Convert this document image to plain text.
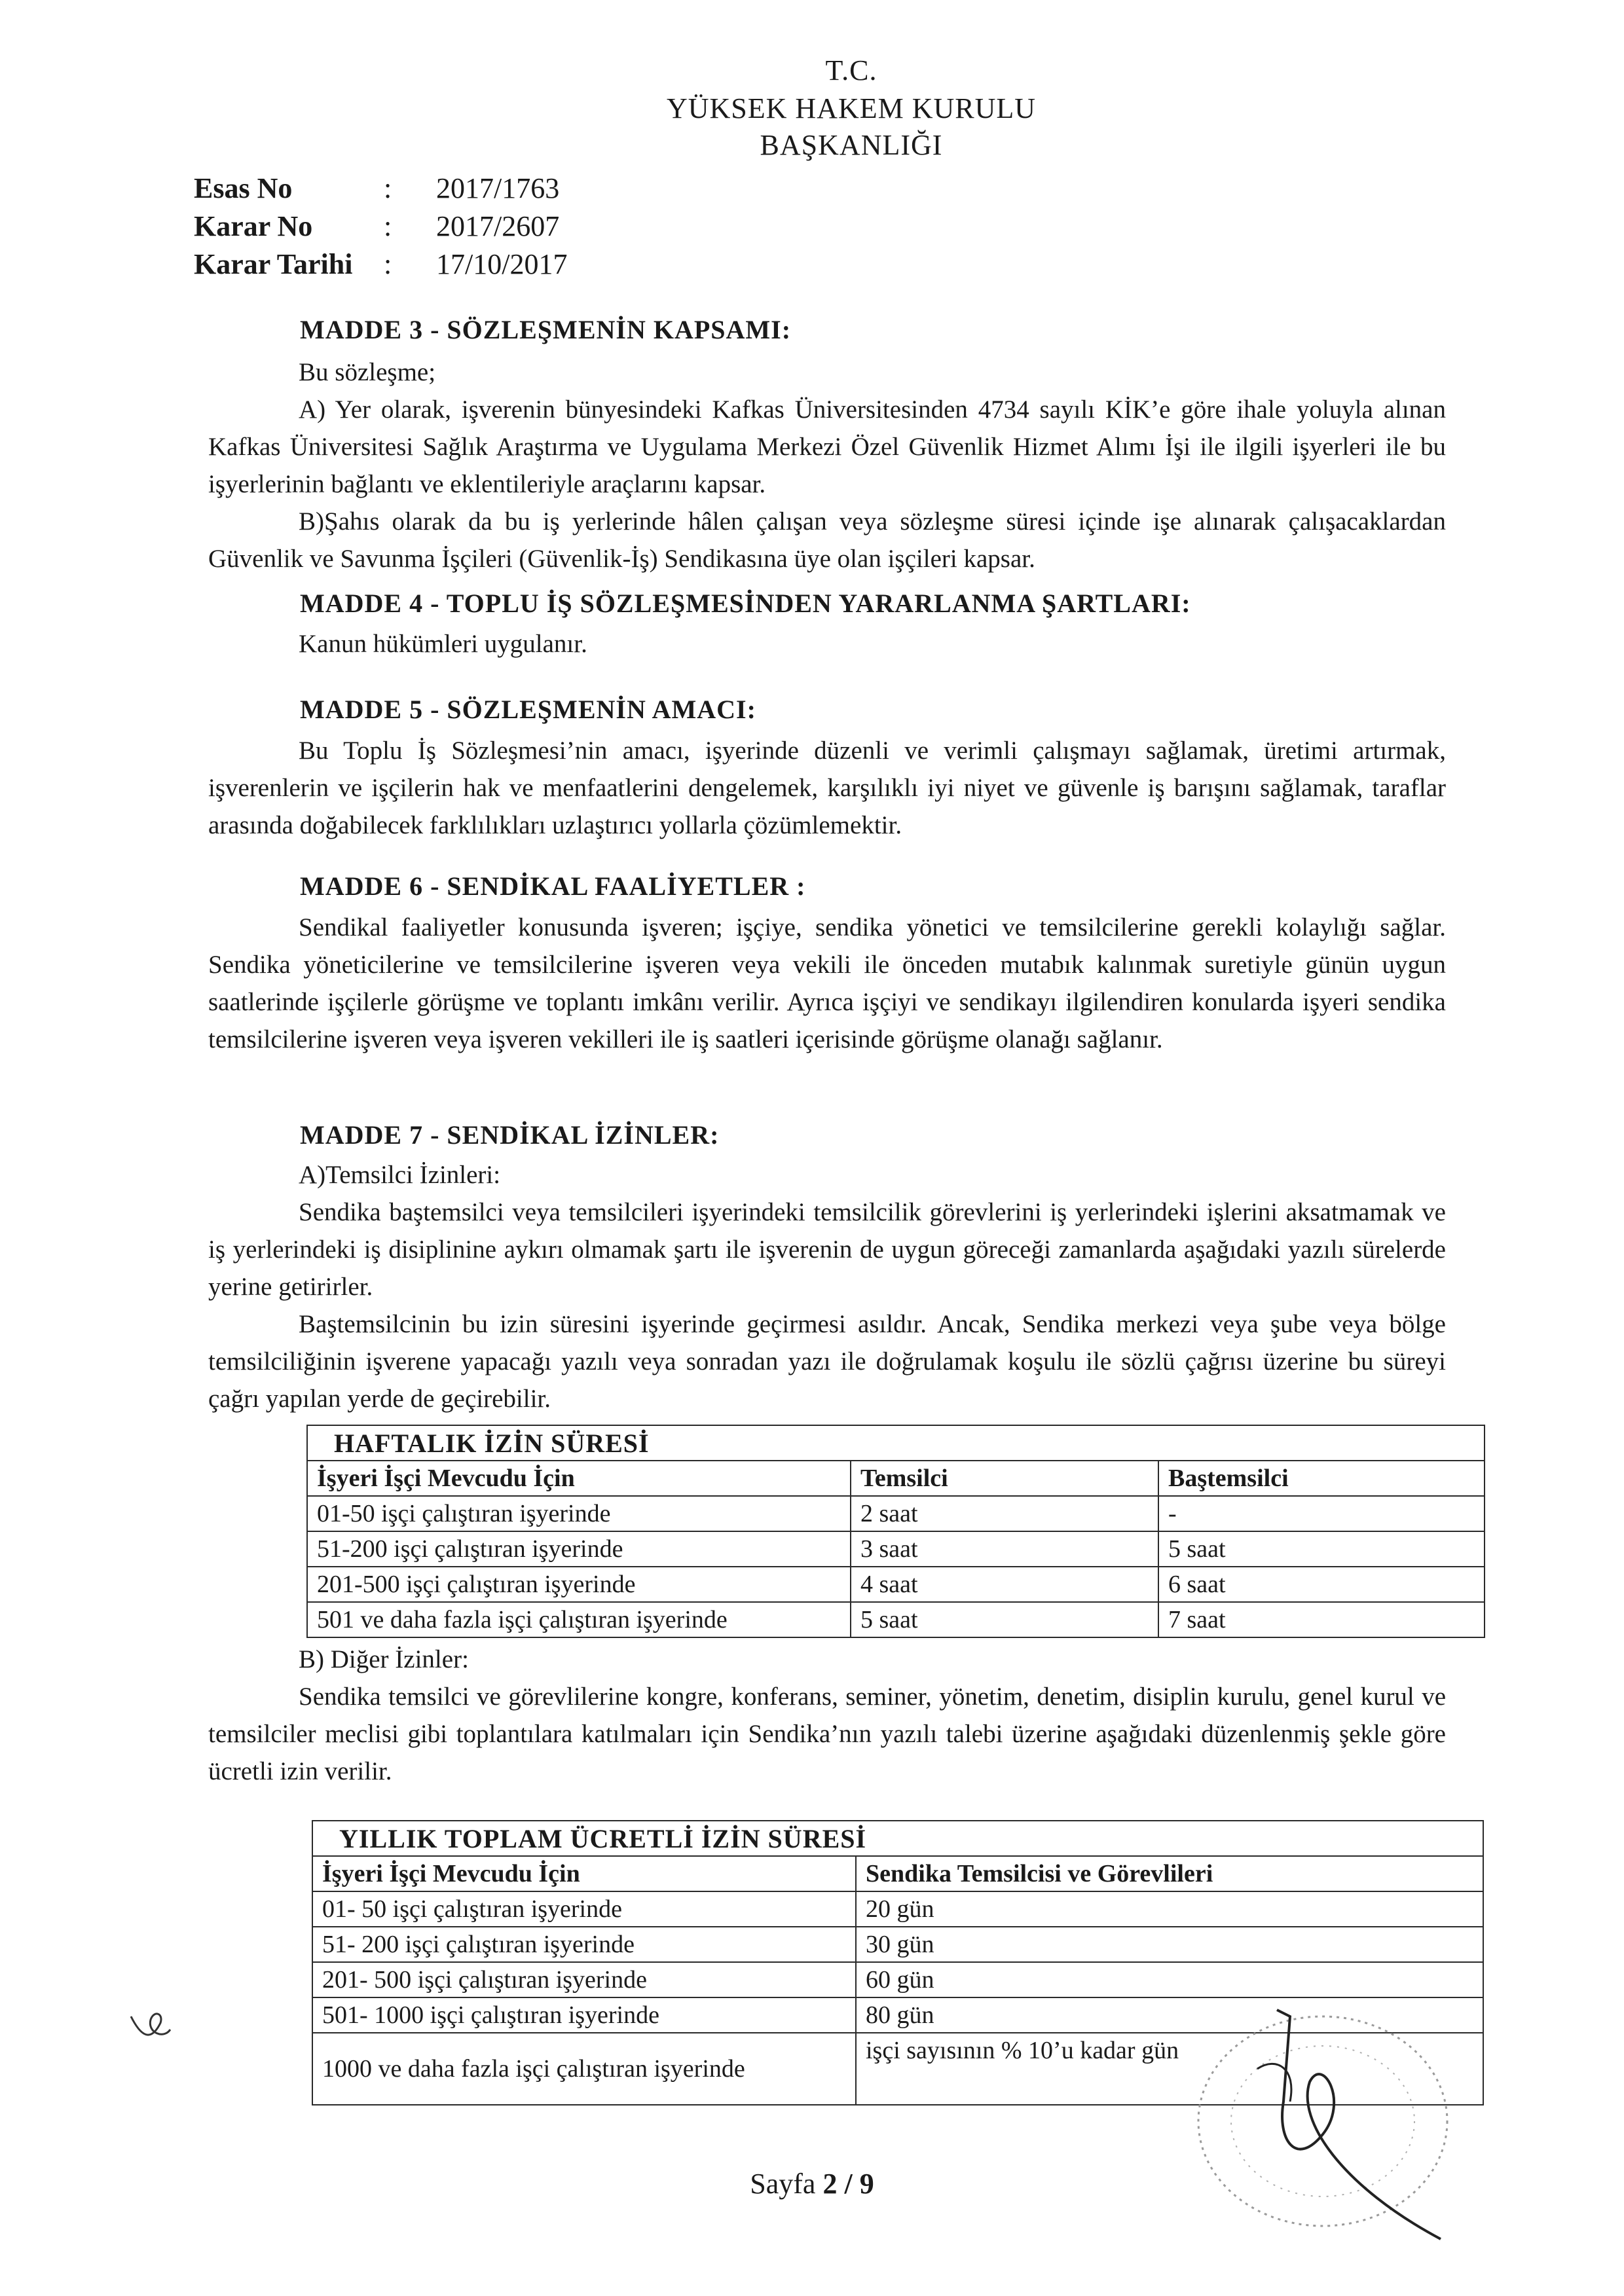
T.C.
YÜKSEK HAKEM KURULU
BAŞKANLIĞI
Esas No	:	2017/1763
Karar No	:	2017/2607
Karar Tarihi	:	17/10/2017
MADDE 3 - SÖZLEŞMENİN KAPSAMI:
Bu sözleşme;
A) Yer olarak, işverenin bünyesindeki Kafkas Üniversitesinden 4734 sayılı KİK’e göre ihale yoluyla alınan Kafkas Üniversitesi Sağlık Araştırma ve Uygulama Merkezi Özel Güvenlik Hizmet Alımı İşi ile ilgili işyerleri ile bu işyerlerinin bağlantı ve eklentileriyle araçlarını kapsar.
B)Şahıs olarak da bu iş yerlerinde hâlen çalışan veya sözleşme süresi içinde işe alınarak çalışacaklardan Güvenlik ve Savunma İşçileri (Güvenlik-İş) Sendikasına üye olan işçileri kapsar.
MADDE 4 - TOPLU İŞ SÖZLEŞMESİNDEN YARARLANMA ŞARTLARI:
Kanun hükümleri uygulanır.
MADDE 5 - SÖZLEŞMENİN AMACI:
Bu Toplu İş Sözleşmesi’nin amacı, işyerinde düzenli ve verimli çalışmayı sağlamak, üretimi artırmak, işverenlerin ve işçilerin hak ve menfaatlerini dengelemek, karşılıklı iyi niyet ve güvenle iş barışını sağlamak, taraflar arasında doğabilecek farklılıkları uzlaştırıcı yollarla çözümlemektir.
MADDE 6 - SENDİKAL FAALİYETLER :
Sendikal faaliyetler konusunda işveren; işçiye, sendika yönetici ve temsilcilerine gerekli kolaylığı sağlar. Sendika yöneticilerine ve temsilcilerine işveren veya vekili ile önceden mutabık kalınmak suretiyle günün uygun saatlerinde işçilerle görüşme ve toplantı imkânı verilir. Ayrıca işçiyi ve sendikayı ilgilendiren konularda işyeri sendika temsilcilerine işveren veya işveren vekilleri ile iş saatleri içerisinde görüşme olanağı sağlanır.
MADDE 7 - SENDİKAL İZİNLER:
A)Temsilci İzinleri:
Sendika baştemsilci veya temsilcileri işyerindeki temsilcilik görevlerini iş yerlerindeki işlerini aksatmamak ve iş yerlerindeki iş disiplinine aykırı olmamak şartı ile işverenin de uygun göreceği zamanlarda aşağıdaki yazılı sürelerde yerine getirirler.
Baştemsilcinin bu izin süresini işyerinde geçirmesi asıldır. Ancak, Sendika merkezi veya şube veya bölge temsilciliğinin işverene yapacağı yazılı veya sonradan yazı ile doğrulamak koşulu ile sözlü çağrısı üzerine bu süreyi çağrı yapılan yerde de geçirebilir.
HAFTALIK İZİN SÜRESİ		
İşyeri İşçi Mevcudu İçin	Temsilci	Baştemsilci
01-50 işçi çalıştıran işyerinde	2 saat	-
51-200 işçi çalıştıran işyerinde	3 saat	5 saat
201-500 işçi çalıştıran işyerinde	4 saat	6 saat
501 ve daha fazla işçi çalıştıran işyerinde	5 saat	7 saat
B) Diğer İzinler:
Sendika temsilci ve görevlilerine kongre, konferans, seminer, yönetim, denetim, disiplin kurulu, genel kurul ve temsilciler meclisi gibi toplantılara katılmaları için Sendika’nın yazılı talebi üzerine aşağıdaki düzenlenmiş şekle göre ücretli izin verilir.
YILLIK TOPLAM ÜCRETLİ İZİN SÜRESİ	
İşyeri İşçi Mevcudu İçin	Sendika Temsilcisi ve Görevlileri
01- 50 işçi çalıştıran işyerinde	20 gün
51- 200 işçi çalıştıran işyerinde	30 gün
201- 500 işçi çalıştıran işyerinde	60 gün
501- 1000 işçi çalıştıran işyerinde	80 gün
1000 ve daha fazla işçi çalıştıran işyerinde	işçi sayısının % 10’u kadar gün
Sayfa 2 / 9
